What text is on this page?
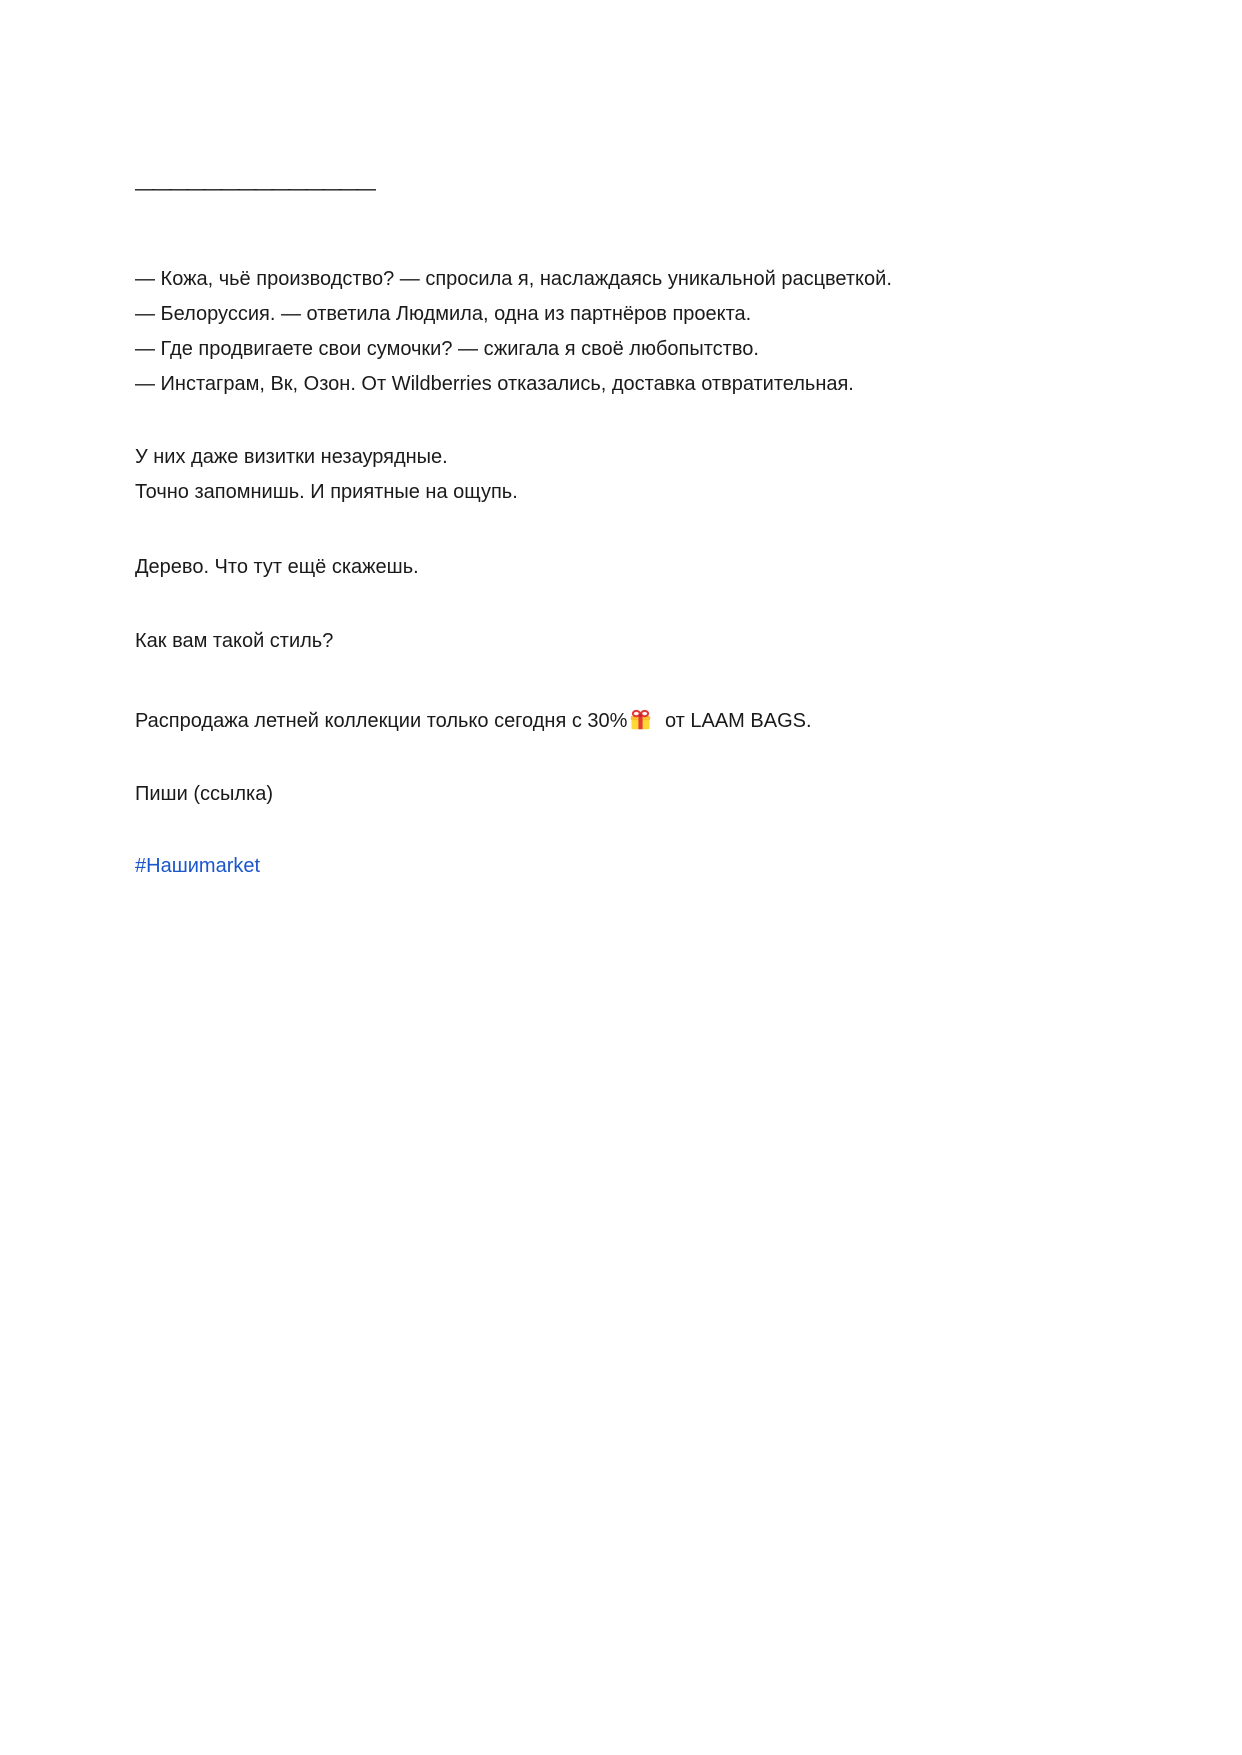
——————————————

— Кожа, чьё производство? — спросила я, наслаждаясь уникальной расцветкой.

— Белоруссия. — ответила Людмила, одна из партнёров проекта.

— Где продвигаете свои сумочки? — сжигала я своё любопытство.

— Инстаграм, Вк, Озон. От Wildberries отказались, доставка отвратительная.

У них даже визитки незаурядные.

Точно запомнишь. И приятные на ощупь.

Дерево. Что тут ещё скажешь.

Как вам такой стиль?

Распродажа летней коллекции только сегодня с 30% от LAAM BAGS.

Пиши (ссылка)

#Нашиmarket
